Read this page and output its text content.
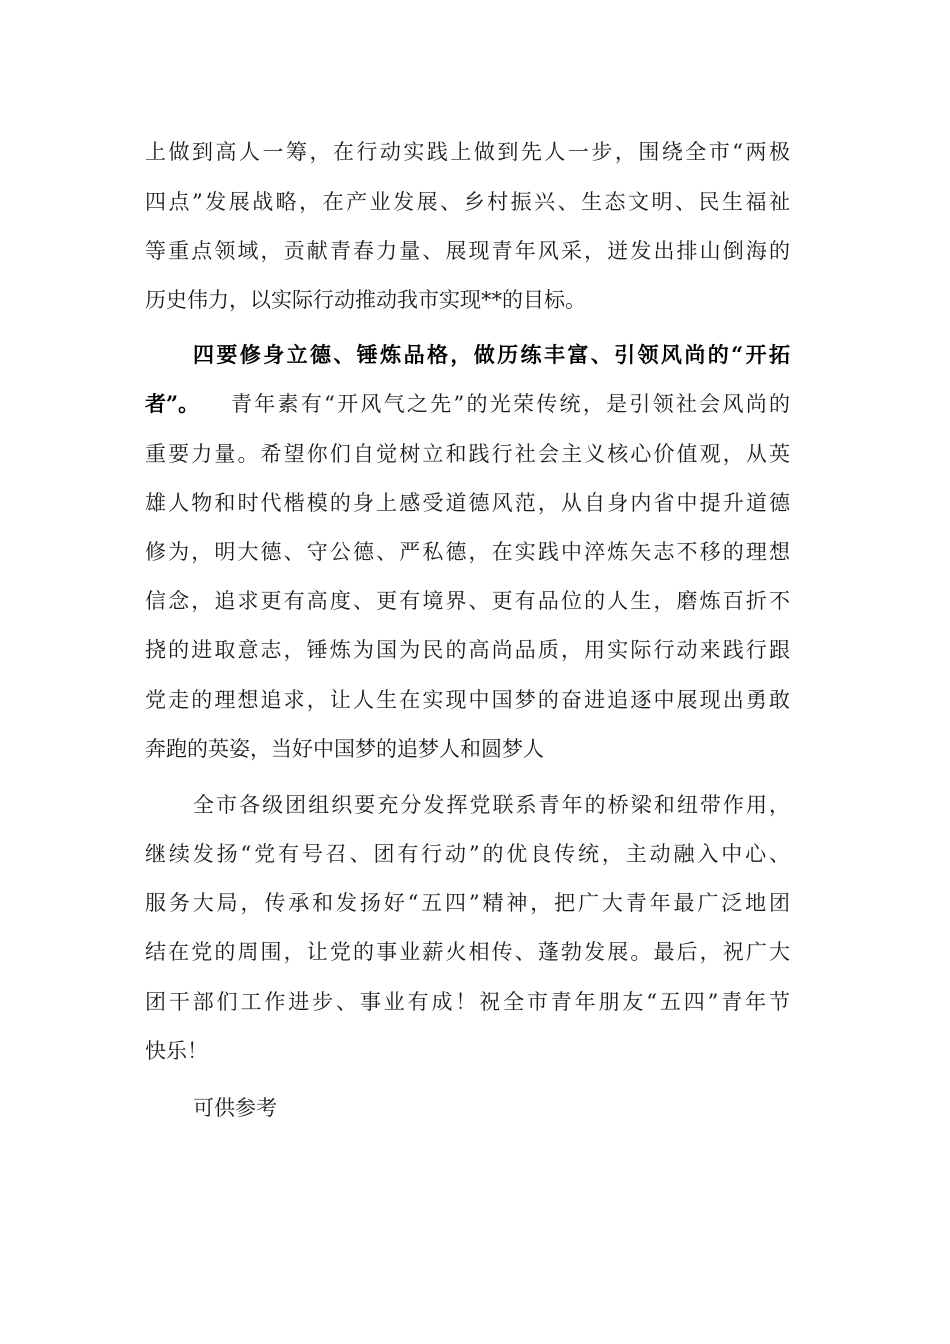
上做到高人一筹，在行动实践上做到先人一步，围绕全市“两极
四点”发展战略，在产业发展、乡村振兴、生态文明、民生福祉
等重点领域，贡献青春力量、展现青年风采，迸发出排山倒海的
历史伟力，以实际行动推动我市实现**的目标。
四要修身立德、锤炼品格，做历练丰富、引领风尚的“开拓
者”。 青年素有“开风气之先”的光荣传统，是引领社会风尚的
重要力量。希望你们自觉树立和践行社会主义核心价值观，从英
雄人物和时代楷模的身上感受道德风范，从自身内省中提升道德
修为，明大德、守公德、严私德，在实践中淬炼矢志不移的理想
信念，追求更有高度、更有境界、更有品位的人生，磨炼百折不
挠的进取意志，锤炼为国为民的高尚品质，用实际行动来践行跟
党走的理想追求，让人生在实现中国梦的奋进追逐中展现出勇敢
奔跑的英姿，当好中国梦的追梦人和圆梦人
全市各级团组织要充分发挥党联系青年的桥梁和纽带作用，
继续发扬“党有号召、团有行动”的优良传统，主动融入中心、
服务大局，传承和发扬好“五四”精神，把广大青年最广泛地团
结在党的周围，让党的事业薪火相传、蓬勃发展。最后，祝广大
团干部们工作进步、事业有成！祝全市青年朋友“五四”青年节
快乐！
可供参考
